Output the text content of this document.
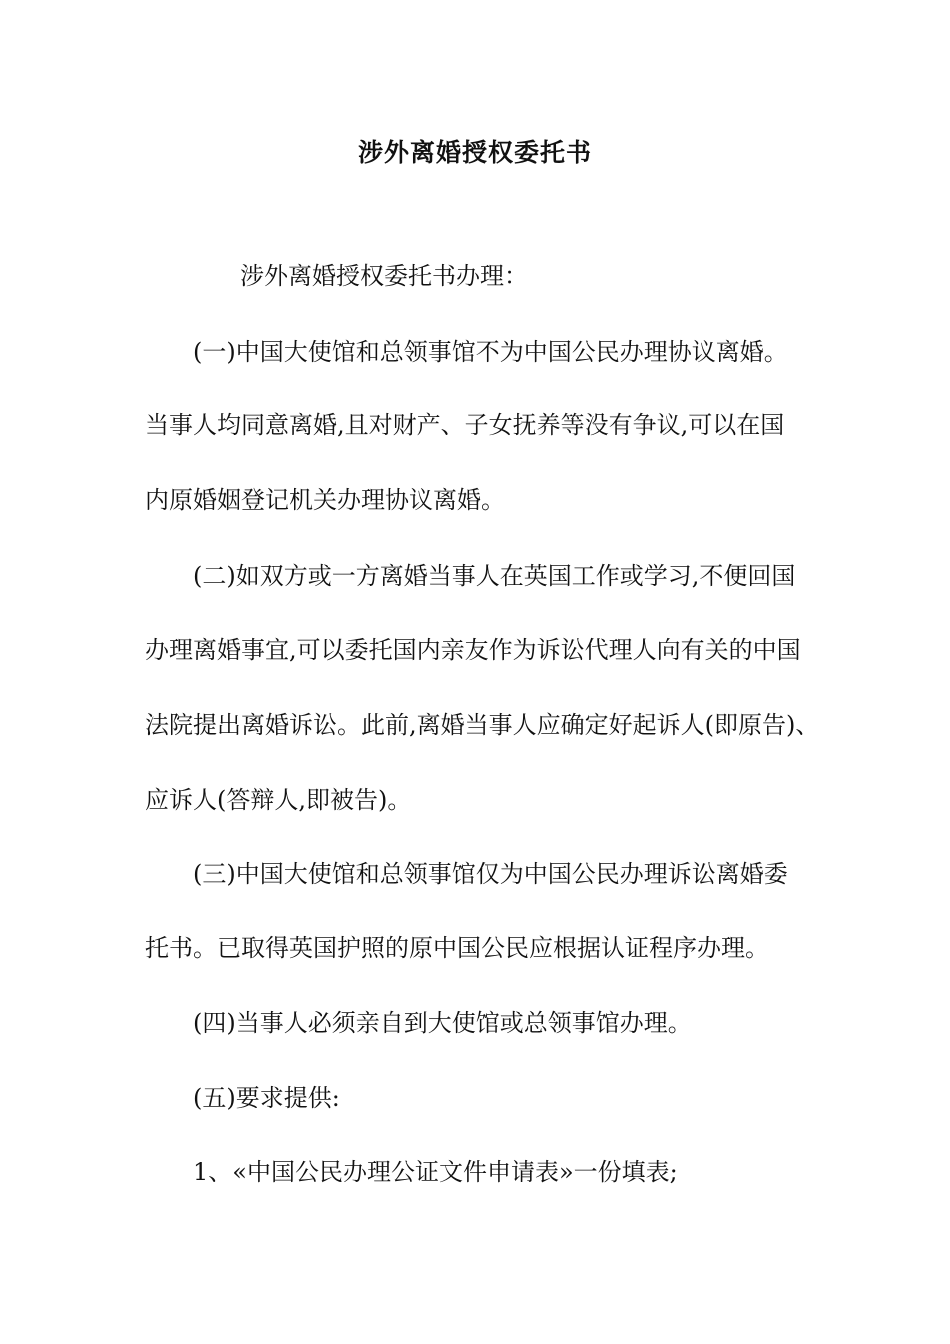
涉外离婚授权委托书
涉外离婚授权委托书办理：
(一)中国大使馆和总领事馆不为中国公民办理协议离婚。
当事人均同意离婚,且对财产、子女抚养等没有争议,可以在国
内原婚姻登记机关办理协议离婚。
(二)如双方或一方离婚当事人在英国工作或学习,不便回国
办理离婚事宜,可以委托国内亲友作为诉讼代理人向有关的中国
法院提出离婚诉讼。此前,离婚当事人应确定好起诉人(即原告)、
应诉人(答辩人,即被告)。
(三)中国大使馆和总领事馆仅为中国公民办理诉讼离婚委
托书。已取得英国护照的原中国公民应根据认证程序办理。
(四)当事人必须亲自到大使馆或总领事馆办理。
(五)要求提供:
1、«中国公民办理公证文件申请表»一份填表;
